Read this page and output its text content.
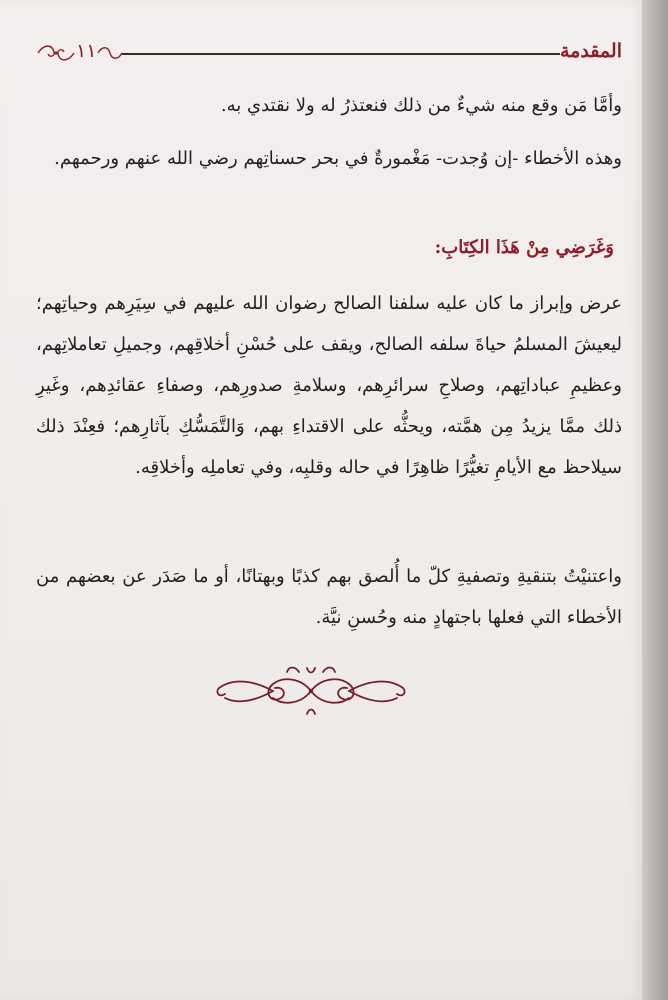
١١	المقدمة

وأمَّا مَن وقع منه شيءٌ من ذلك فنعتذرُ له ولا نقتدي به.

وهذه الأخطاء -إن وُجدت- مَغْمورةٌ في بحر حسناتِهم رضي الله عنهم ورحمهم.

وَغَرَضِي مِنْ هَذَا الكِتَابِ:

عرض وإبراز ما كان عليه سلفنا الصالح رضوان الله عليهم في سِيَرِهم وحياتِهم؛ ليعيشَ المسلمُ حياةَ سلفه الصالح، ويقف على حُسْنِ أخلاقِهم، وجميلِ تعاملاتِهم، وعظيمِ عباداتِهم، وصلاحِ سرائرِهم، وسلامةِ صدورِهم، وصفاءِ عقائدِهم، وغَيرِ ذلك ممَّا يزيدُ مِن همَّته، ويحثُّه على الاقتداءِ بهم، وَالتَّمَسُّكِ بآثارِهم؛ فعِنْدَ ذلك سيلاحظ مع الأيامِ تغيُّرًا ظاهِرًا في حاله وقلبِه، وفي تعاملِه وأخلاقِه.

واعتنيْتُ بتنقيةِ وتصفيةِ كلّ ما أُلصق بهم كذبًا وبهتانًا، أو ما صَدَر عن بعضهم من الأخطاء التي فعلها باجتهادٍ منه وحُسنِ نيَّة.
